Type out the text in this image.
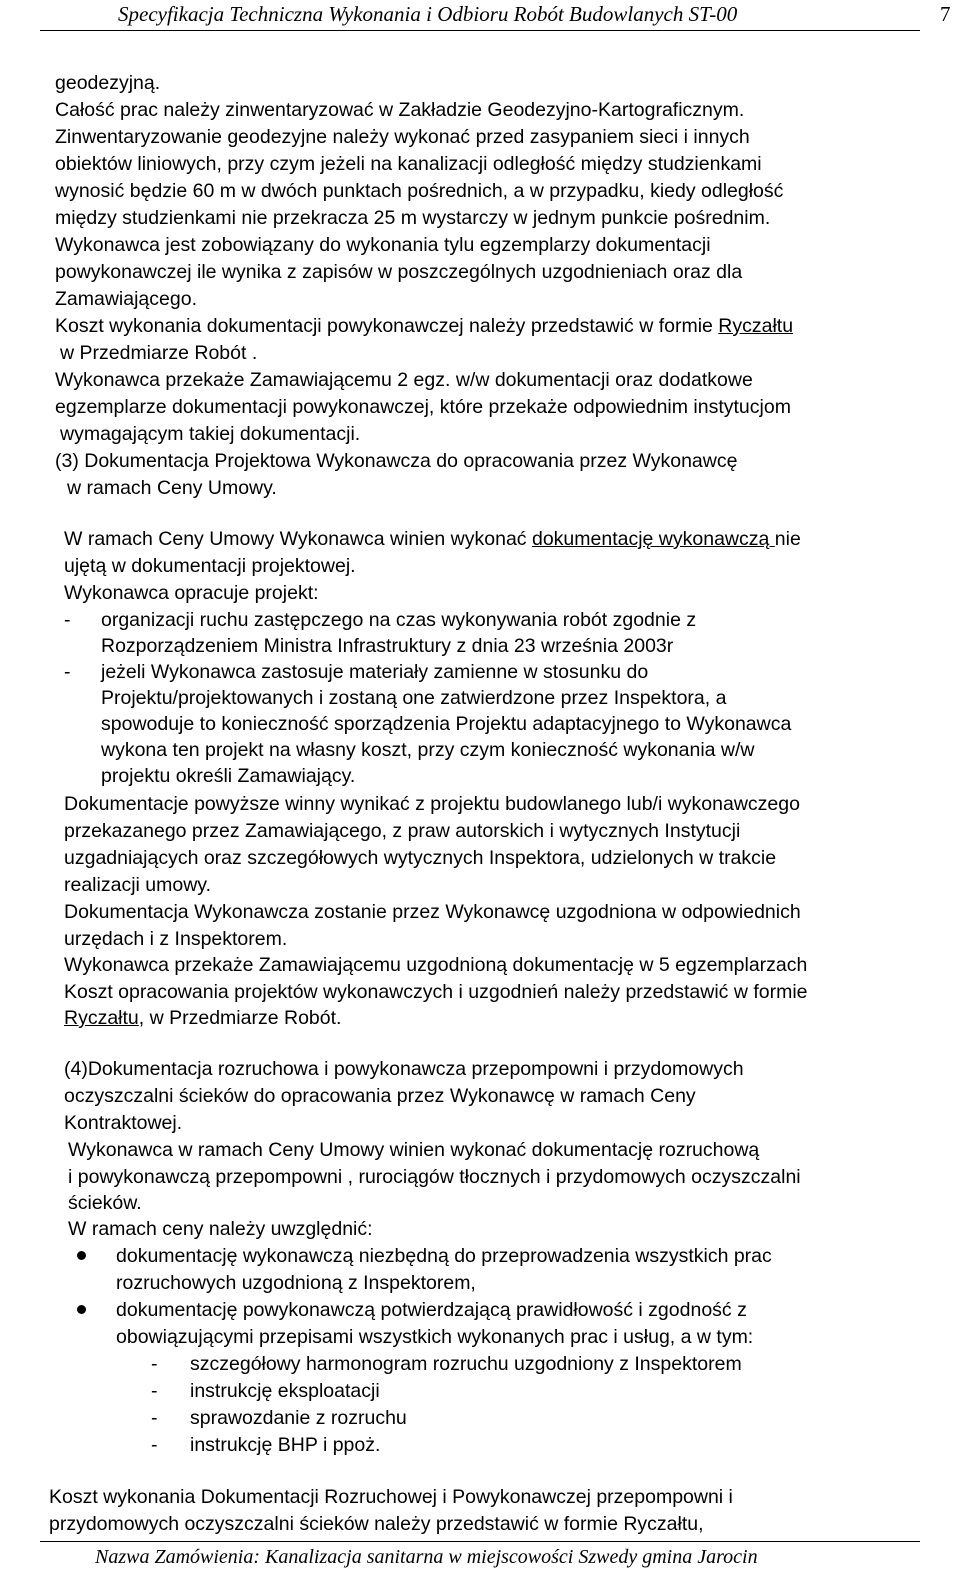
Specyfikacja Techniczna Wykonania i Odbioru Robót Budowlanych ST-00	7
geodezyjną.
Całość prac należy zinwentaryzować w Zakładzie Geodezyjno-Kartograficznym.
Zinwentaryzowanie geodezyjne należy wykonać przed zasypaniem sieci i innych
obiektów liniowych, przy czym jeżeli na kanalizacji odległość między studzienkami
wynosić będzie 60 m w dwóch punktach pośrednich, a w przypadku, kiedy odległość
między studzienkami nie przekracza 25 m wystarczy w jednym punkcie pośrednim.
Wykonawca jest zobowiązany do wykonania tylu egzemplarzy dokumentacji
powykonawczej ile wynika z zapisów w poszczególnych uzgodnieniach oraz dla
Zamawiającego.
Koszt wykonania dokumentacji powykonawczej należy przedstawić w formie Ryczałtu
w Przedmiarze Robót .
Wykonawca przekaże Zamawiającemu 2 egz. w/w dokumentacji oraz dodatkowe
egzemplarze dokumentacji powykonawczej, które przekaże odpowiednim instytucjom
wymagającym takiej dokumentacji.
(3) Dokumentacja Projektowa Wykonawcza do opracowania przez Wykonawcę
w ramach Ceny Umowy.
W ramach Ceny Umowy Wykonawca winien wykonać dokumentację wykonawczą nie
ujętą w dokumentacji projektowej.
Wykonawca opracuje projekt:
- organizacji ruchu zastępczego na czas wykonywania robót zgodnie z
Rozporządzeniem Ministra Infrastruktury z dnia 23 września 2003r
- jeżeli Wykonawca zastosuje materiały zamienne w stosunku do
Projektu/projektowanych i zostaną one zatwierdzone przez Inspektora, a
spowoduje to konieczność sporządzenia Projektu adaptacyjnego to Wykonawca
wykona ten projekt na własny koszt, przy czym konieczność wykonania w/w
projektu określi Zamawiający.
Dokumentacje powyższe winny wynikać z projektu budowlanego lub/i wykonawczego
przekazanego przez Zamawiającego, z praw autorskich i wytycznych Instytucji
uzgadniających oraz szczegółowych wytycznych Inspektora, udzielonych w trakcie
realizacji umowy.
Dokumentacja Wykonawcza zostanie przez Wykonawcę uzgodniona w odpowiednich
urzędach i z Inspektorem.
Wykonawca przekaże Zamawiającemu uzgodnioną dokumentację w 5 egzemplarzach
Koszt opracowania projektów wykonawczych i uzgodnień należy przedstawić w formie
Ryczałtu, w Przedmiarze Robót.
(4)Dokumentacja rozruchowa i powykonawcza przepompowni i przydomowych
oczyszczalni ścieków do opracowania przez Wykonawcę w ramach Ceny
Kontraktowej.
Wykonawca w ramach Ceny Umowy winien wykonać dokumentację rozruchową
i powykonawczą przepompowni , rurociągów tłocznych i przydomowych oczyszczalni
ścieków.
W ramach ceny należy uwzględnić:
dokumentację wykonawczą niezbędną do przeprowadzenia wszystkich prac
rozruchowych uzgodnioną z Inspektorem,
dokumentację powykonawczą potwierdzającą prawidłowość i zgodność z
obowiązującymi przepisami wszystkich wykonanych prac i usług, a w tym:
- szczegółowy harmonogram rozruchu uzgodniony z Inspektorem
- instrukcję eksploatacji
- sprawozdanie z rozruchu
- instrukcję BHP i ppoż.
Koszt wykonania Dokumentacji Rozruchowej i Powykonawczej przepompowni i
przydomowych oczyszczalni ścieków należy przedstawić w formie Ryczałtu,
Nazwa Zamówienia: Kanalizacja sanitarna w miejscowości Szwedy gmina Jarocin
